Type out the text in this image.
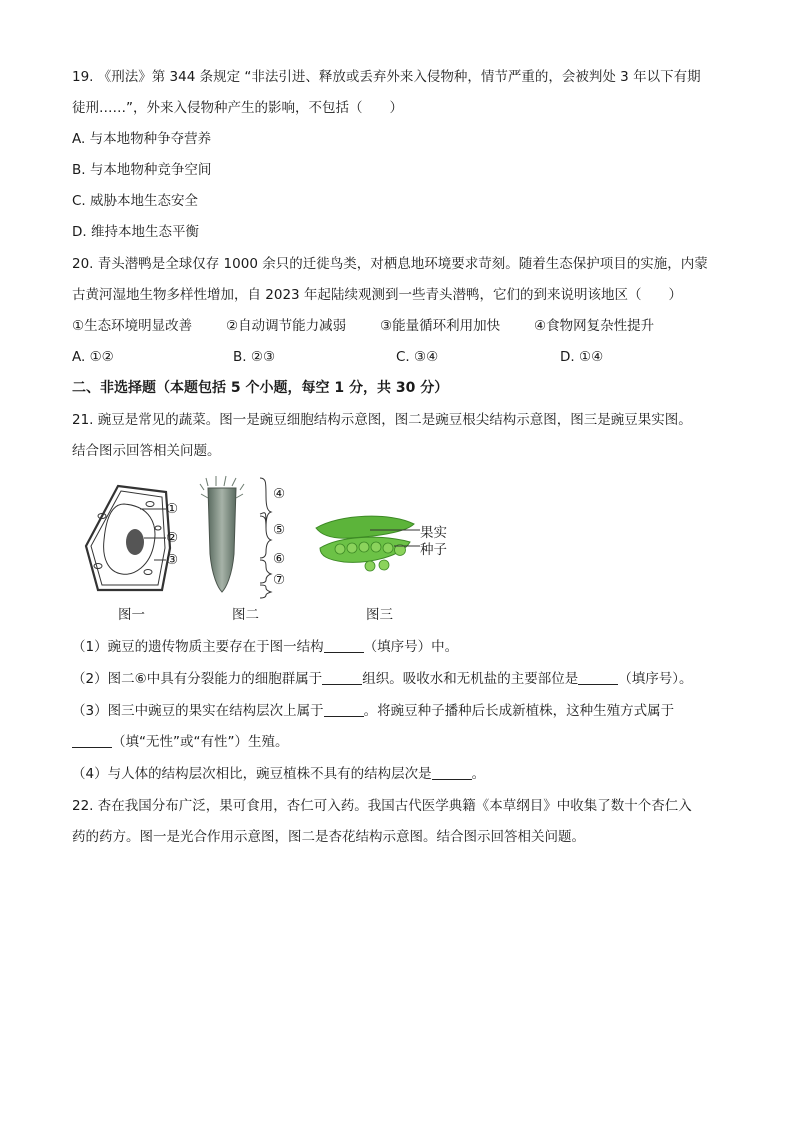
19. 《刑法》第 344 条规定 “非法引进、释放或丢弃外来入侵物种，情节严重的，会被判处 3 年以下有期
徒刑……”，外来入侵物种产生的影响，不包括（　　）
A. 与本地物种争夺营养
B. 与本地物种竞争空间
C. 威胁本地生态安全
D. 维持本地生态平衡
20. 青头潜鸭是全球仅存 1000 余只的迁徙鸟类，对栖息地环境要求苛刻。随着生态保护项目的实施，内蒙
古黄河湿地生物多样性增加，自 2023 年起陆续观测到一些青头潜鸭，它们的到来说明该地区（　　）
①生态环境明显改善	②自动调节能力减弱	③能量循环利用加快	④食物网复杂性提升
A. ①②	B. ②③	C. ③④	D. ①④
二、非选择题（本题包括 5 个小题，每空 1 分，共 30 分）
21. 豌豆是常见的蔬菜。图一是豌豆细胞结构示意图，图二是豌豆根尖结构示意图，图三是豌豆果实图。
结合图示回答相关问题。
①
②
③
④
⑤
⑥
⑦
果实
种子
图一	图二	图三
（1）豌豆的遗传物质主要存在于图一结构	（填序号）中。
（2）图二⑥中具有分裂能力的细胞群属于	组织。吸收水和无机盐的主要部位是	（填序号）。
（3）图三中豌豆的果实在结构层次上属于	。将豌豆种子播种后长成新植株，这种生殖方式属于
（填“无性”或“有性”）生殖。
（4）与人体的结构层次相比，豌豆植株不具有的结构层次是	。
22. 杏在我国分布广泛，果可食用，杏仁可入药。我国古代医学典籍《本草纲目》中收集了数十个杏仁入
药的药方。图一是光合作用示意图，图二是杏花结构示意图。结合图示回答相关问题。
